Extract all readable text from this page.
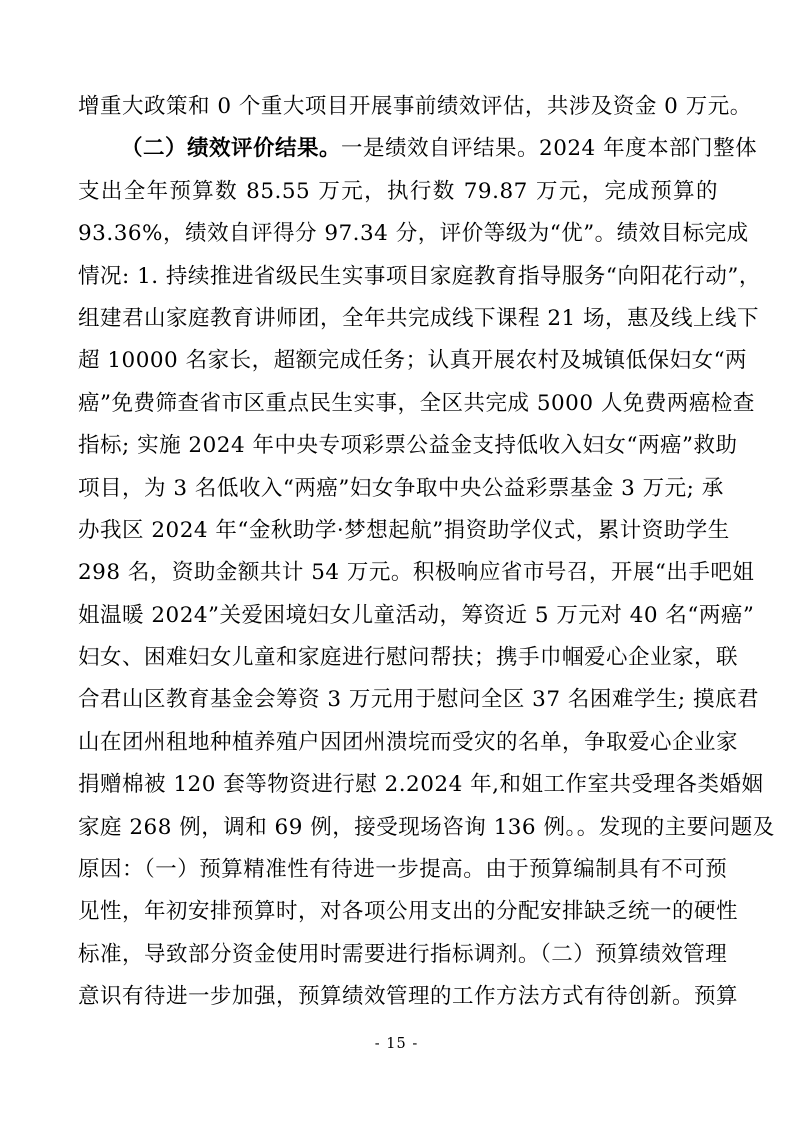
增重大政策和 0 个重大项目开展事前绩效评估，共涉及资金 0 万元。
（二）绩效评价结果。一是绩效自评结果。2024 年度本部门整体
支出全年预算数 85.55 万元，执行数 79.87 万元，完成预算的
93.36%，绩效自评得分 97.34 分，评价等级为“优”。绩效目标完成
情况: 1. 持续推进省级民生实事项目家庭教育指导服务“向阳花行动”，
组建君山家庭教育讲师团，全年共完成线下课程 21 场，惠及线上线下
超 10000 名家长，超额完成任务；认真开展农村及城镇低保妇女“两
癌”免费筛查省市区重点民生实事，全区共完成 5000 人免费两癌检查
指标; 实施 2024 年中央专项彩票公益金支持低收入妇女“两癌”救助
项目，为 3 名低收入“两癌”妇女争取中央公益彩票基金 3 万元; 承
办我区 2024 年“金秋助学·梦想起航”捐资助学仪式，累计资助学生
298 名，资助金额共计 54 万元。积极响应省市号召，开展“出手吧姐
姐温暖 2024”关爱困境妇女儿童活动，筹资近 5 万元对 40 名“两癌”
妇女、困难妇女儿童和家庭进行慰问帮扶；携手巾帼爱心企业家，联
合君山区教育基金会筹资 3 万元用于慰问全区 37 名困难学生; 摸底君
山在团州租地种植养殖户因团州溃垸而受灾的名单，争取爱心企业家
捐赠棉被 120 套等物资进行慰 2.2024 年,和姐工作室共受理各类婚姻
家庭 268 例，调和 69 例，接受现场咨询 136 例。。发现的主要问题及
原因：（一）预算精准性有待进一步提高。由于预算编制具有不可预
见性，年初安排预算时，对各项公用支出的分配安排缺乏统一的硬性
标准，导致部分资金使用时需要进行指标调剂。（二）预算绩效管理
意识有待进一步加强，预算绩效管理的工作方法方式有待创新。预算
- 15 -
